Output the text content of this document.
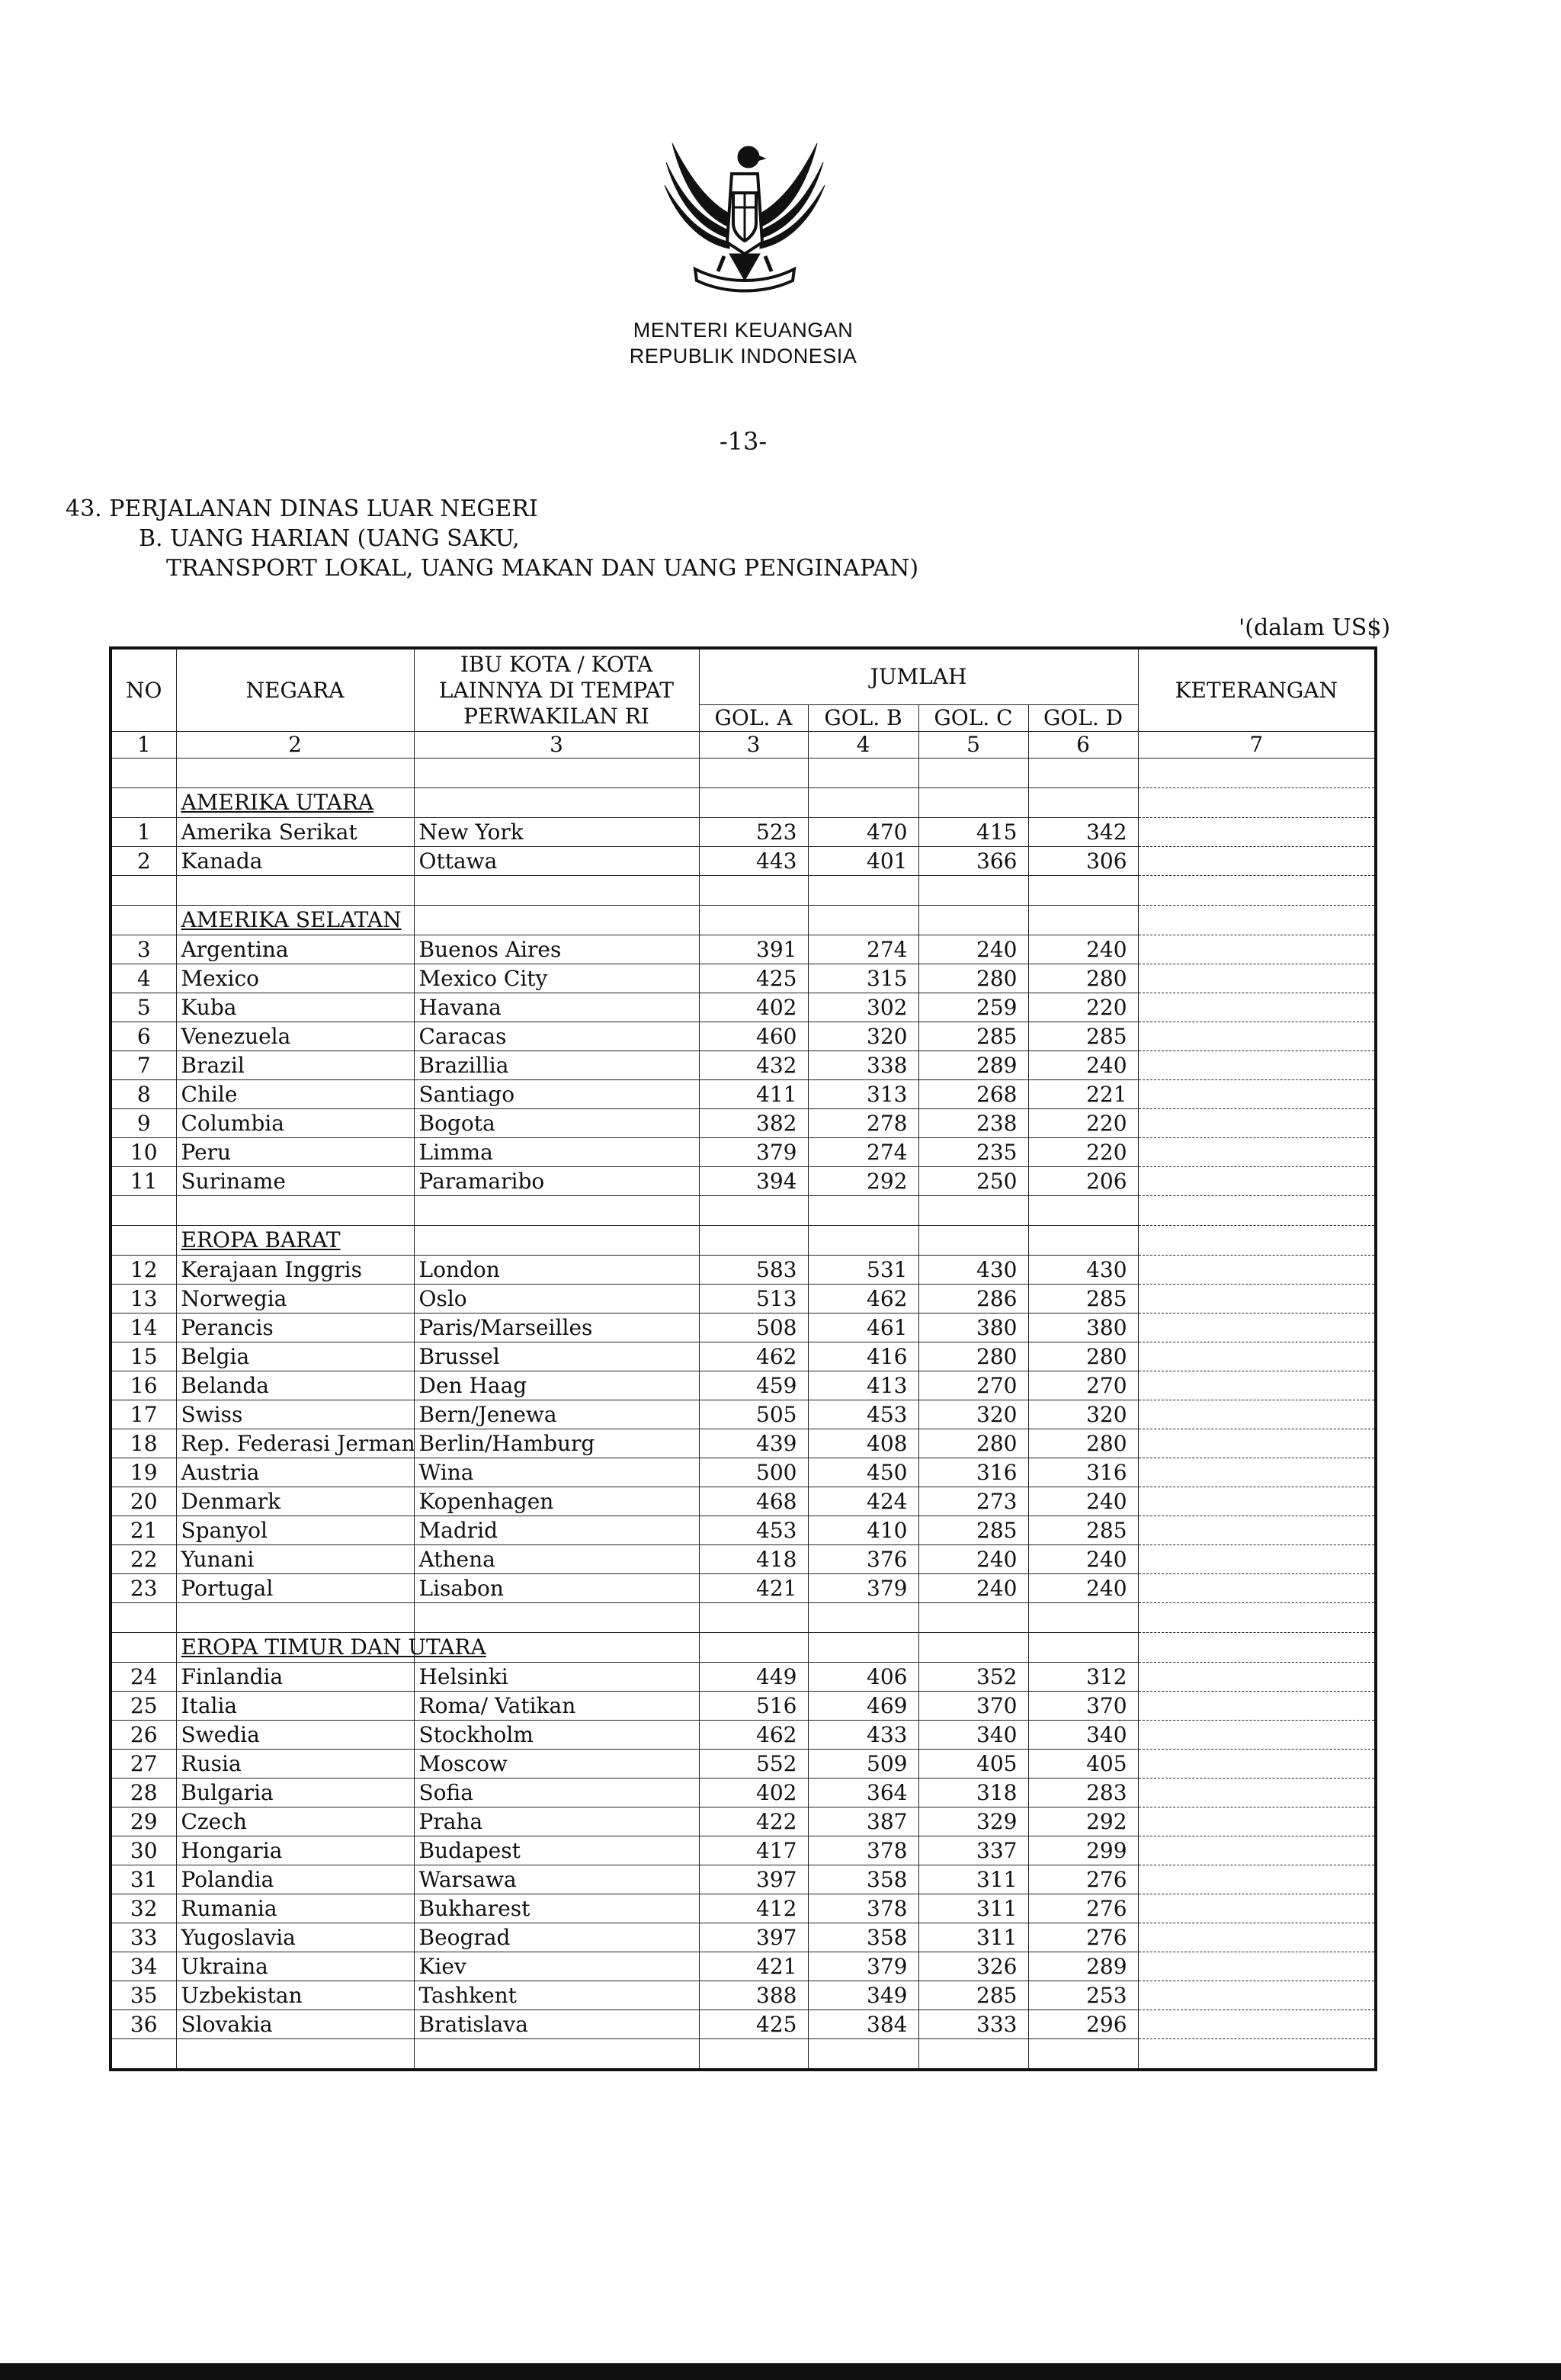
MENTERI KEUANGAN
REPUBLIK INDONESIA
-13-
43. PERJALANAN DINAS LUAR NEGERI
B. UANG HARIAN (UANG SAKU,
TRANSPORT LOKAL, UANG MAKAN DAN UANG PENGINAPAN)
'(dalam US$)
NO	NEGARA	IBU KOTA / KOTA
LAINNYA DI TEMPAT
PERWAKILAN RI	JUMLAH				KETERANGAN
			GOL. A	GOL. B	GOL. C	GOL. D	
1	2	3	3	4	5	6	7

	AMERIKA UTARA						
1	Amerika Serikat	New York	523	470	415	342	
2	Kanada	Ottawa	443	401	366	306	

	AMERIKA SELATAN						
3	Argentina	Buenos Aires	391	274	240	240	
4	Mexico	Mexico City	425	315	280	280	
5	Kuba	Havana	402	302	259	220	
6	Venezuela	Caracas	460	320	285	285	
7	Brazil	Brazillia	432	338	289	240	
8	Chile	Santiago	411	313	268	221	
9	Columbia	Bogota	382	278	238	220	
10	Peru	Limma	379	274	235	220	
11	Suriname	Paramaribo	394	292	250	206	

	EROPA BARAT						
12	Kerajaan Inggris	London	583	531	430	430	
13	Norwegia	Oslo	513	462	286	285	
14	Perancis	Paris/Marseilles	508	461	380	380	
15	Belgia	Brussel	462	416	280	280	
16	Belanda	Den Haag	459	413	270	270	
17	Swiss	Bern/Jenewa	505	453	320	320	
18	Rep. Federasi Jerman	Berlin/Hamburg	439	408	280	280	
19	Austria	Wina	500	450	316	316	
20	Denmark	Kopenhagen	468	424	273	240	
21	Spanyol	Madrid	453	410	285	285	
22	Yunani	Athena	418	376	240	240	
23	Portugal	Lisabon	421	379	240	240	

	EROPA TIMUR DAN UTARA						
24	Finlandia	Helsinki	449	406	352	312	
25	Italia	Roma/ Vatikan	516	469	370	370	
26	Swedia	Stockholm	462	433	340	340	
27	Rusia	Moscow	552	509	405	405	
28	Bulgaria	Sofia	402	364	318	283	
29	Czech	Praha	422	387	329	292	
30	Hongaria	Budapest	417	378	337	299	
31	Polandia	Warsawa	397	358	311	276	
32	Rumania	Bukharest	412	378	311	276	
33	Yugoslavia	Beograd	397	358	311	276	
34	Ukraina	Kiev	421	379	326	289	
35	Uzbekistan	Tashkent	388	349	285	253	
36	Slovakia	Bratislava	425	384	333	296	
